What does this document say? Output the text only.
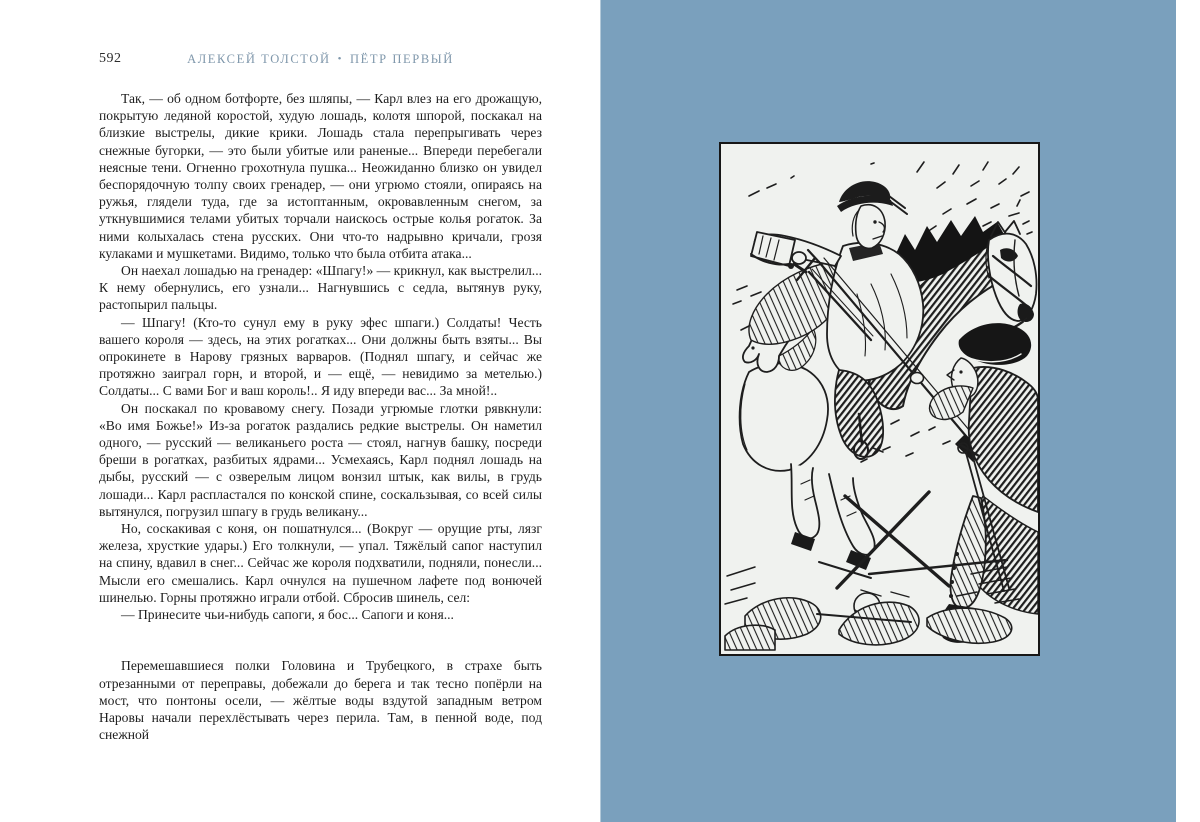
592	АЛЕКСЕЙ ТОЛСТОЙ • ПЁТР ПЕРВЫЙ

Так, — об одном ботфорте, без шляпы, — Карл влез на его дрожащую, покрытую ледяной коростой, худую лошадь, колотя шпорой, поскакал на близкие выстрелы, дикие крики. Лошадь стала перепрыгивать через снежные бугорки, — это были убитые или раненые... Впереди перебегали неясные тени. Огненно грохотнула пушка... Неожиданно близко он увидел беспорядочную толпу своих гренадер, — они угрюмо стояли, опираясь на ружья, глядели туда, где за истоптанным, окровавленным снегом, за уткнувшимися телами убитых торчали наискось острые колья рогаток. За ними колыхалась стена русских. Они что-то надрывно кричали, грозя кулаками и мушкетами. Видимо, только что была отбита атака...

Он наехал лошадью на гренадер: «Шпагу!» — крикнул, как выстрелил... К нему обернулись, его узнали... Нагнувшись с седла, вытянув руку, растопырил пальцы.

— Шпагу! (Кто-то сунул ему в руку эфес шпаги.) Солдаты! Честь вашего короля — здесь, на этих рогатках... Они должны быть взяты... Вы опрокинете в Нарову грязных варваров. (Поднял шпагу, и сейчас же протяжно заиграл горн, и второй, и — ещё, — невидимо за метелью.) Солдаты... С вами Бог и ваш король!.. Я иду впереди вас... За мной!..

Он поскакал по кровавому снегу. Позади угрюмые глотки рявкнули: «Во имя Божье!» Из-за рогаток раздались редкие выстрелы. Он наметил одного, — русский — великаньего роста — стоял, нагнув башку, посреди бреши в рогатках, разбитых ядрами... Усмехаясь, Карл поднял лошадь на дыбы, русский — с озверелым лицом вонзил штык, как вилы, в грудь лошади... Карл распластался по конской спине, соскальзывая, со всей силы вытянулся, погрузил шпагу в грудь великану...

Но, соскакивая с коня, он пошатнулся... (Вокруг — орущие рты, лязг железа, хрусткие удары.) Его толкнули, — упал. Тяжёлый сапог наступил на спину, вдавил в снег... Сейчас же короля подхватили, подняли, понесли... Мысли его смешались. Карл очнулся на пушечном лафете под вонючей шинелью. Горны протяжно играли отбой. Сбросив шинель, сел:

— Принесите чьи-нибудь сапоги, я бос... Сапоги и коня...

Перемешавшиеся полки Головина и Трубецкого, в страхе быть отрезанными от переправы, добежали до берега и так тесно попёрли на мост, что понтоны осели, — жёлтые воды вздутой западным ветром Наровы начали перехлёстывать через перила. Там, в пенной воде, под снежной
